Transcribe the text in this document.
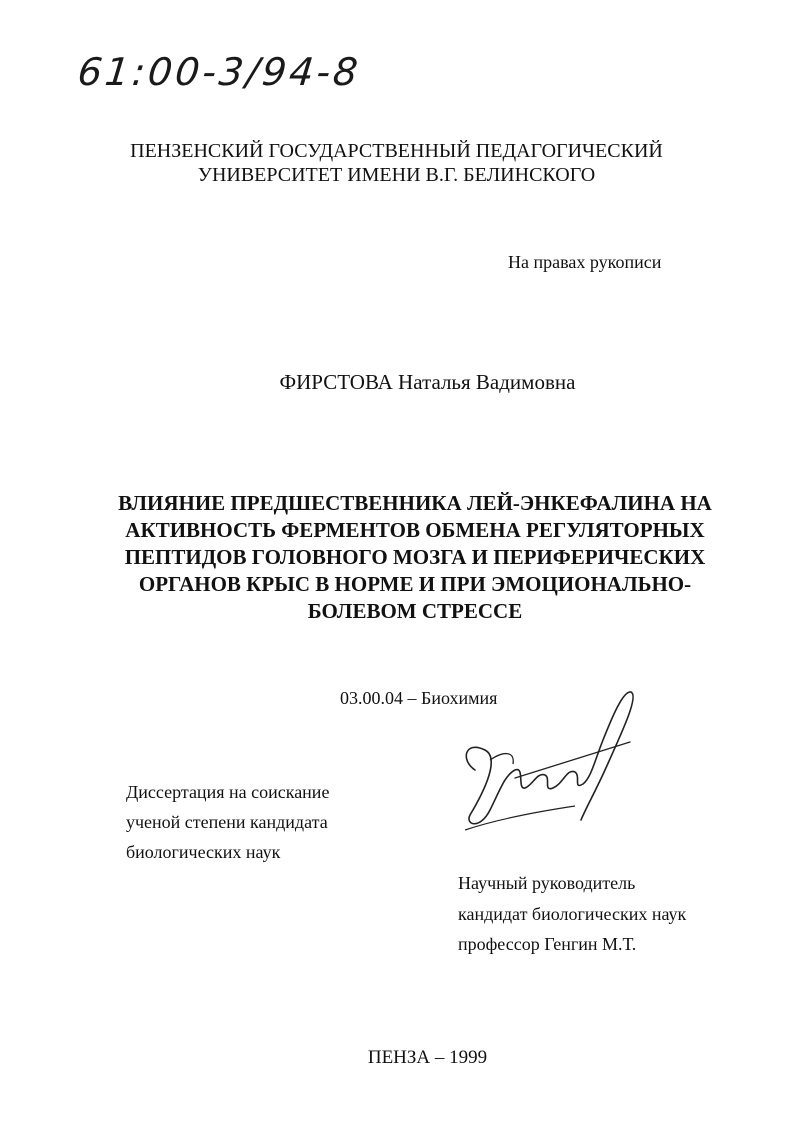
61:00-3/94-8
ПЕНЗЕНСКИЙ ГОСУДАРСТВЕННЫЙ ПЕДАГОГИЧЕСКИЙ
УНИВЕРСИТЕТ ИМЕНИ В.Г. БЕЛИНСКОГО
На правах рукописи
ФИРСТОВА Наталья Вадимовна
ВЛИЯНИЕ ПРЕДШЕСТВЕННИКА ЛЕЙ-ЭНКЕФАЛИНА НА
АКТИВНОСТЬ ФЕРМЕНТОВ ОБМЕНА РЕГУЛЯТОРНЫХ
ПЕПТИДОВ ГОЛОВНОГО МОЗГА И ПЕРИФЕРИЧЕСКИХ
ОРГАНОВ КРЫС В НОРМЕ И ПРИ ЭМОЦИОНАЛЬНО-
БОЛЕВОМ СТРЕССЕ
03.00.04 – Биохимия
Диссертация на соискание
ученой степени кандидата
биологических наук
Научный руководитель
кандидат биологических наук
профессор Генгин М.Т.
ПЕНЗА – 1999
